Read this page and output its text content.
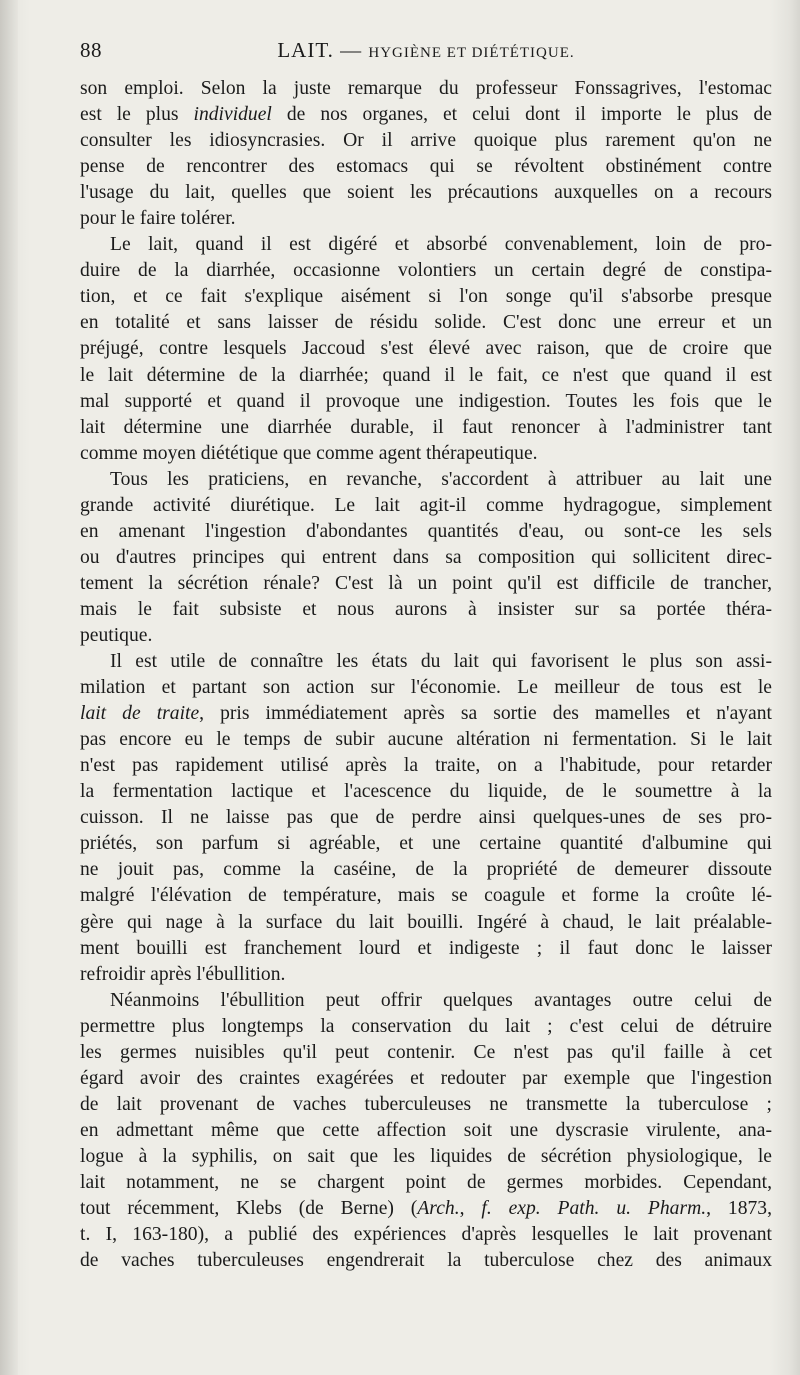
88	LAIT. — HYGIÈNE ET DIÉTÉTIQUE.
son emploi. Selon la juste remarque du professeur Fonssagrives, l'estomac
est le plus individuel de nos organes, et celui dont il importe le plus de
consulter les idiosyncrasies. Or il arrive quoique plus rarement qu'on ne
pense de rencontrer des estomacs qui se révoltent obstinément contre
l'usage du lait, quelles que soient les précautions auxquelles on a recours
pour le faire tolérer.
Le lait, quand il est digéré et absorbé convenablement, loin de pro-
duire de la diarrhée, occasionne volontiers un certain degré de constipa-
tion, et ce fait s'explique aisément si l'on songe qu'il s'absorbe presque
en totalité et sans laisser de résidu solide. C'est donc une erreur et un
préjugé, contre lesquels Jaccoud s'est élevé avec raison, que de croire que
le lait détermine de la diarrhée; quand il le fait, ce n'est que quand il est
mal supporté et quand il provoque une indigestion. Toutes les fois que le
lait détermine une diarrhée durable, il faut renoncer à l'administrer tant
comme moyen diététique que comme agent thérapeutique.
Tous les praticiens, en revanche, s'accordent à attribuer au lait une
grande activité diurétique. Le lait agit-il comme hydragogue, simplement
en amenant l'ingestion d'abondantes quantités d'eau, ou sont-ce les sels
ou d'autres principes qui entrent dans sa composition qui sollicitent direc-
tement la sécrétion rénale? C'est là un point qu'il est difficile de trancher,
mais le fait subsiste et nous aurons à insister sur sa portée théra-
peutique.
Il est utile de connaître les états du lait qui favorisent le plus son assi-
milation et partant son action sur l'économie. Le meilleur de tous est le
lait de traite, pris immédiatement après sa sortie des mamelles et n'ayant
pas encore eu le temps de subir aucune altération ni fermentation. Si le lait
n'est pas rapidement utilisé après la traite, on a l'habitude, pour retarder
la fermentation lactique et l'acescence du liquide, de le soumettre à la
cuisson. Il ne laisse pas que de perdre ainsi quelques-unes de ses pro-
priétés, son parfum si agréable, et une certaine quantité d'albumine qui
ne jouit pas, comme la caséine, de la propriété de demeurer dissoute
malgré l'élévation de température, mais se coagule et forme la croûte lé-
gère qui nage à la surface du lait bouilli. Ingéré à chaud, le lait préalable-
ment bouilli est franchement lourd et indigeste ; il faut donc le laisser
refroidir après l'ébullition.
Néanmoins l'ébullition peut offrir quelques avantages outre celui de
permettre plus longtemps la conservation du lait ; c'est celui de détruire
les germes nuisibles qu'il peut contenir. Ce n'est pas qu'il faille à cet
égard avoir des craintes exagérées et redouter par exemple que l'ingestion
de lait provenant de vaches tuberculeuses ne transmette la tuberculose ;
en admettant même que cette affection soit une dyscrasie virulente, ana-
logue à la syphilis, on sait que les liquides de sécrétion physiologique, le
lait notamment, ne se chargent point de germes morbides. Cependant,
tout récemment, Klebs (de Berne) (Arch., f. exp. Path. u. Pharm., 1873,
t. I, 163-180), a publié des expériences d'après lesquelles le lait provenant
de vaches tuberculeuses engendrerait la tuberculose chez des animaux
